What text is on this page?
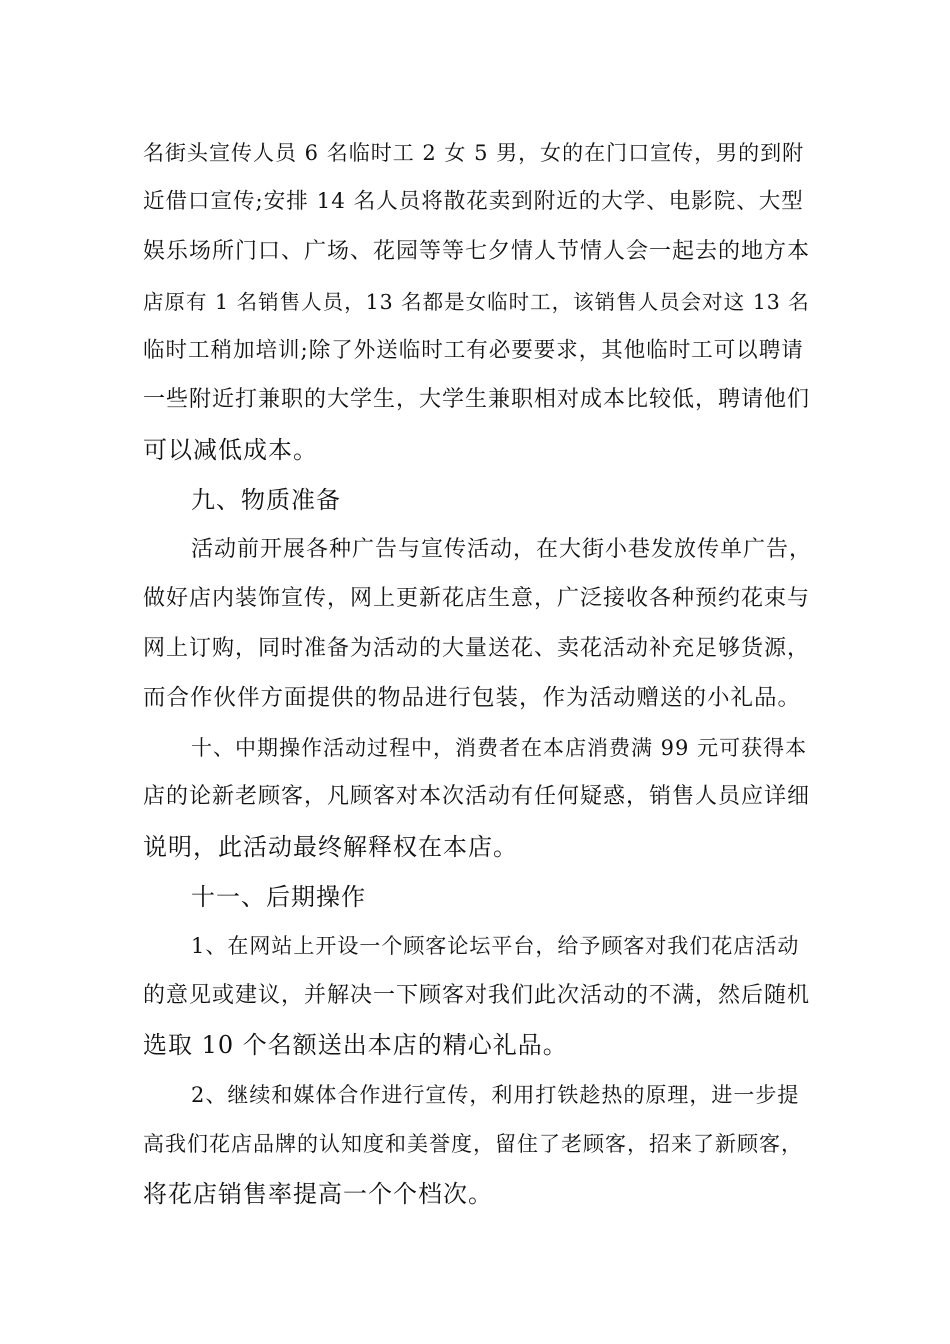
名街头宣传人员 6 名临时工 2 女 5 男，女的在门口宣传，男的到附
近借口宣传;安排 14 名人员将散花卖到附近的大学、电影院、大型
娱乐场所门口、广场、花园等等七夕情人节情人会一起去的地方本
店原有 1 名销售人员，13 名都是女临时工，该销售人员会对这 13 名
临时工稍加培训;除了外送临时工有必要要求，其他临时工可以聘请
一些附近打兼职的大学生，大学生兼职相对成本比较低，聘请他们
可以减低成本。
九、物质准备
活动前开展各种广告与宣传活动，在大街小巷发放传单广告，
做好店内装饰宣传，网上更新花店生意，广泛接收各种预约花束与
网上订购，同时准备为活动的大量送花、卖花活动补充足够货源，
而合作伙伴方面提供的物品进行包装，作为活动赠送的小礼品。
十、中期操作活动过程中，消费者在本店消费满 99 元可获得本
店的论新老顾客，凡顾客对本次活动有任何疑惑，销售人员应详细
说明，此活动最终解释权在本店。
十一、后期操作
1、在网站上开设一个顾客论坛平台，给予顾客对我们花店活动
的意见或建议，并解决一下顾客对我们此次活动的不满，然后随机
选取 10 个名额送出本店的精心礼品。
2、继续和媒体合作进行宣传，利用打铁趁热的原理，进一步提
高我们花店品牌的认知度和美誉度，留住了老顾客，招来了新顾客，
将花店销售率提高一个个档次。
